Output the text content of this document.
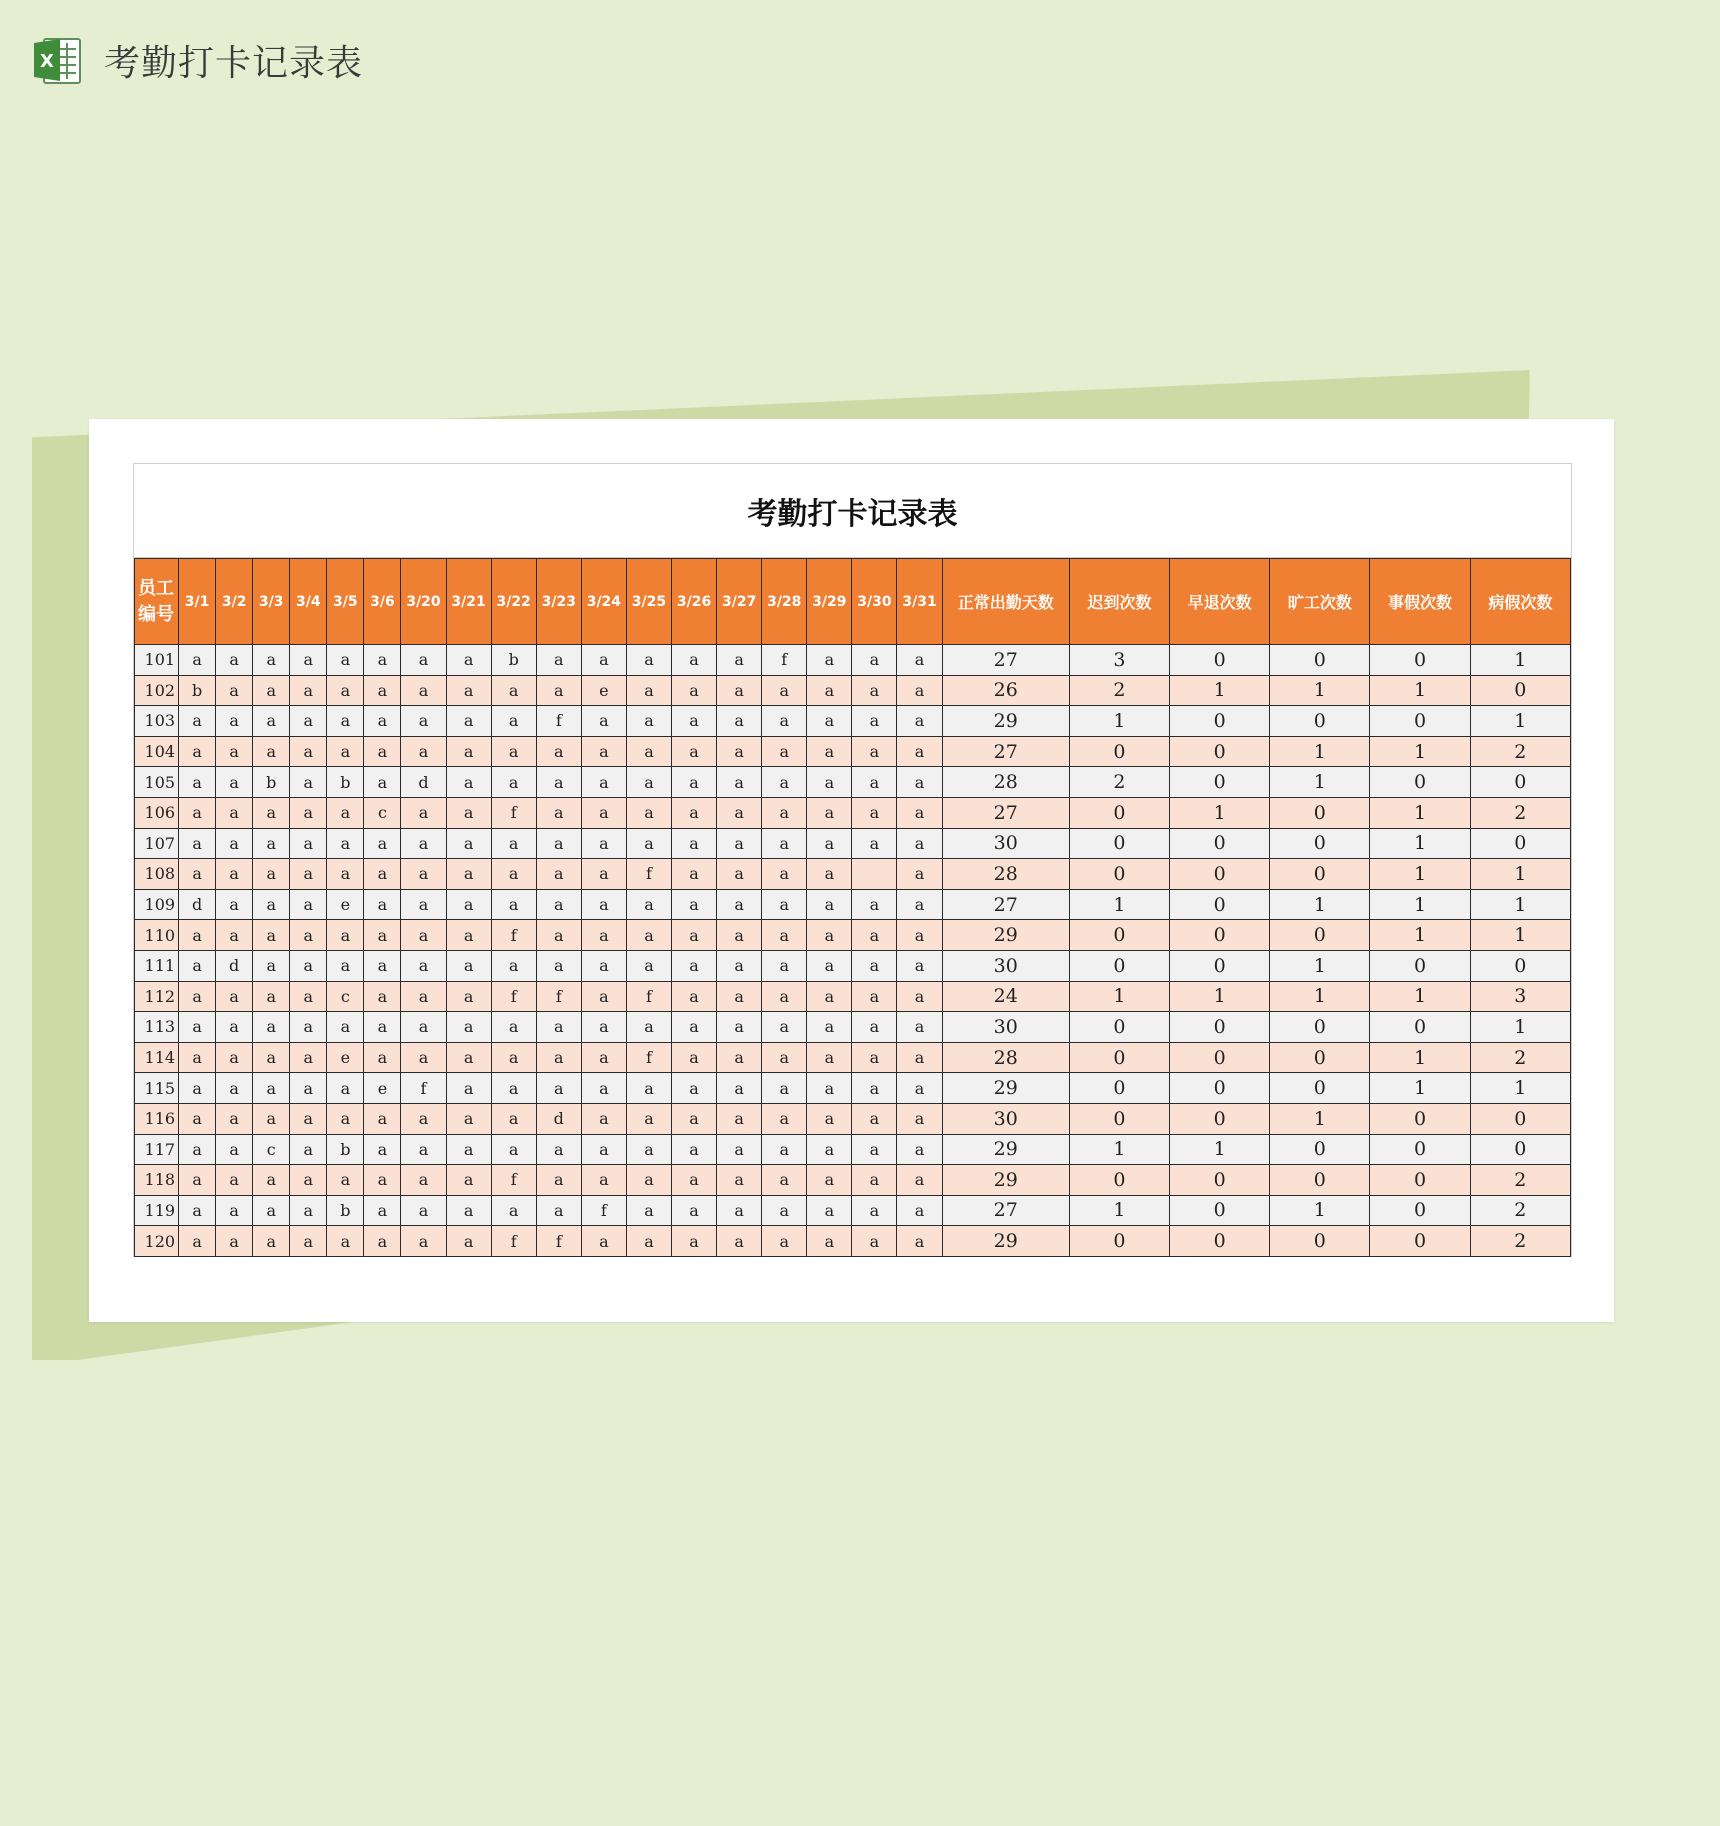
X 考勤打卡记录表
考勤打卡记录表
员工
编号	3/1	3/2	3/3	3/4	3/5	3/6	3/20	3/21	3/22	3/23	3/24	3/25	3/26	3/27	3/28	3/29	3/30	3/31	正常出勤天数	迟到次数	早退次数	旷工次数	事假次数	病假次数
101	a	a	a	a	a	a	a	a	b	a	a	a	a	a	f	a	a	a	27	3	0	0	0	1
102	b	a	a	a	a	a	a	a	a	a	e	a	a	a	a	a	a	a	26	2	1	1	1	0
103	a	a	a	a	a	a	a	a	a	f	a	a	a	a	a	a	a	a	29	1	0	0	0	1
104	a	a	a	a	a	a	a	a	a	a	a	a	a	a	a	a	a	a	27	0	0	1	1	2
105	a	a	b	a	b	a	d	a	a	a	a	a	a	a	a	a	a	a	28	2	0	1	0	0
106	a	a	a	a	a	c	a	a	f	a	a	a	a	a	a	a	a	a	27	0	1	0	1	2
107	a	a	a	a	a	a	a	a	a	a	a	a	a	a	a	a	a	a	30	0	0	0	1	0
108	a	a	a	a	a	a	a	a	a	a	a	f	a	a	a	a		a	28	0	0	0	1	1
109	d	a	a	a	e	a	a	a	a	a	a	a	a	a	a	a	a	a	27	1	0	1	1	1
110	a	a	a	a	a	a	a	a	f	a	a	a	a	a	a	a	a	a	29	0	0	0	1	1
111	a	d	a	a	a	a	a	a	a	a	a	a	a	a	a	a	a	a	30	0	0	1	0	0
112	a	a	a	a	c	a	a	a	f	f	a	f	a	a	a	a	a	a	24	1	1	1	1	3
113	a	a	a	a	a	a	a	a	a	a	a	a	a	a	a	a	a	a	30	0	0	0	0	1
114	a	a	a	a	e	a	a	a	a	a	a	f	a	a	a	a	a	a	28	0	0	0	1	2
115	a	a	a	a	a	e	f	a	a	a	a	a	a	a	a	a	a	a	29	0	0	0	1	1
116	a	a	a	a	a	a	a	a	a	d	a	a	a	a	a	a	a	a	30	0	0	1	0	0
117	a	a	c	a	b	a	a	a	a	a	a	a	a	a	a	a	a	a	29	1	1	0	0	0
118	a	a	a	a	a	a	a	a	f	a	a	a	a	a	a	a	a	a	29	0	0	0	0	2
119	a	a	a	a	b	a	a	a	a	a	f	a	a	a	a	a	a	a	27	1	0	1	0	2
120	a	a	a	a	a	a	a	a	f	f	a	a	a	a	a	a	a	a	29	0	0	0	0	2
